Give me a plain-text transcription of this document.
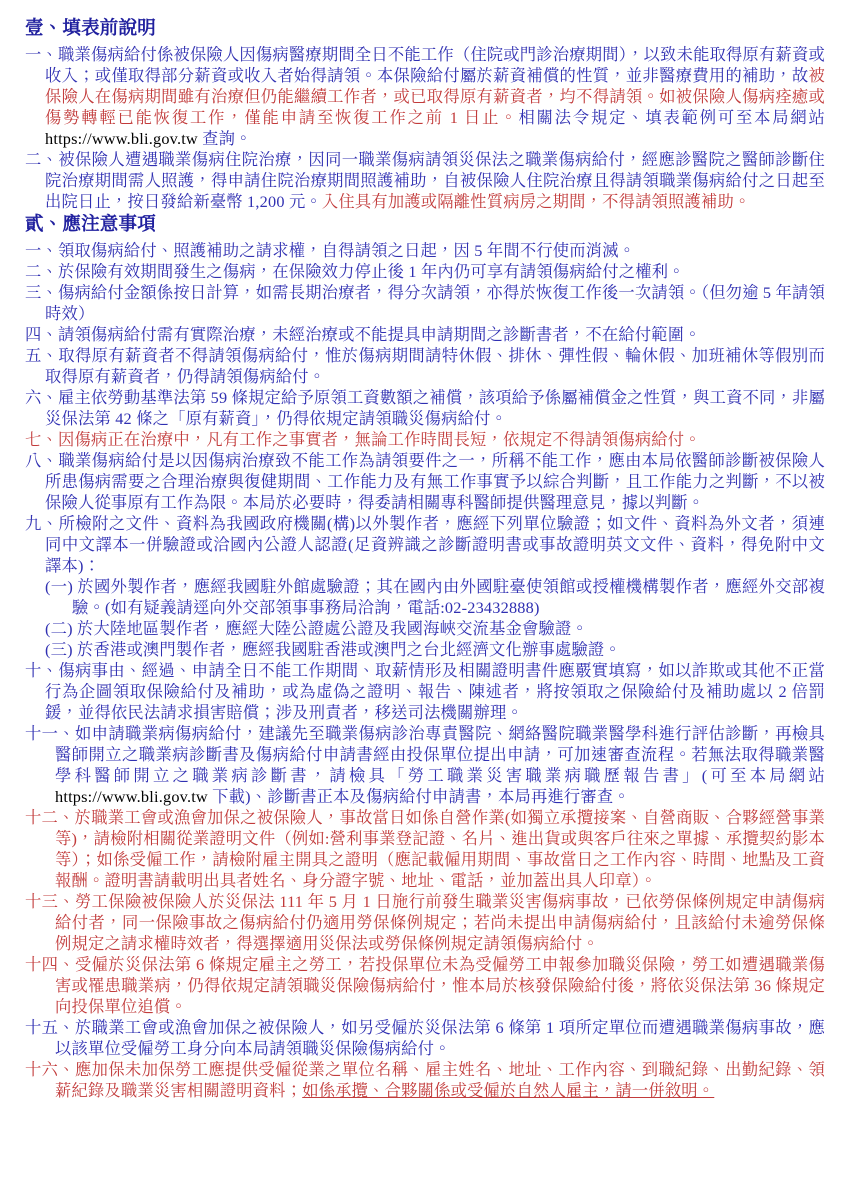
壹、填表前說明
一、職業傷病給付係被保險人因傷病醫療期間全日不能工作（住院或門診治療期間），以致未能取得原有薪資或收入；或僅取得部分薪資或收入者始得請領。本保險給付屬於薪資補償的性質，並非醫療費用的補助，故被保險人在傷病期間雖有治療但仍能繼續工作者，或已取得原有薪資者，均不得請領。如被保險人傷病痊癒或傷勢轉輕已能恢復工作，僅能申請至恢復工作之前 1 日止。相關法令規定、填表範例可至本局網站 https://www.bli.gov.tw 查詢。
二、被保險人遭遇職業傷病住院治療，因同一職業傷病請領災保法之職業傷病給付，經應診醫院之醫師診斷住院治療期間需人照護，得申請住院治療期間照護補助，自被保險人住院治療且得請領職業傷病給付之日起至出院日止，按日發給新臺幣 1,200 元。入住具有加護或隔離性質病房之期間，不得請領照護補助。
貳、應注意事項
一、領取傷病給付、照護補助之請求權，自得請領之日起，因 5 年間不行使而消滅。
二、於保險有效期間發生之傷病，在保險效力停止後 1 年內仍可享有請領傷病給付之權利。
三、傷病給付金額係按日計算，如需長期治療者，得分次請領，亦得於恢復工作後一次請領。（但勿逾 5 年請領時效）
四、請領傷病給付需有實際治療，未經治療或不能提具申請期間之診斷書者，不在給付範圍。
五、取得原有薪資者不得請領傷病給付，惟於傷病期間請特休假、排休、彈性假、輪休假、加班補休等假別而取得原有薪資者，仍得請領傷病給付。
六、雇主依勞動基準法第 59 條規定給予原領工資數額之補償，該項給予係屬補償金之性質，與工資不同，非屬災保法第 42 條之「原有薪資」，仍得依規定請領職災傷病給付。
七、因傷病正在治療中，凡有工作之事實者，無論工作時間長短，依規定不得請領傷病給付。
八、職業傷病給付是以因傷病治療致不能工作為請領要件之一，所稱不能工作，應由本局依醫師診斷被保險人所患傷病需要之合理治療與復健期間、工作能力及有無工作事實予以綜合判斷，且工作能力之判斷，不以被保險人從事原有工作為限。本局於必要時，得委請相關專科醫師提供醫理意見，據以判斷。
九、所檢附之文件、資料為我國政府機關(構)以外製作者，應經下列單位驗證；如文件、資料為外文者，須連同中文譯本一併驗證或洽國內公證人認證(足資辨識之診斷證明書或事故證明英文文件、資料，得免附中文譯本)：
(一) 於國外製作者，應經我國駐外館處驗證；其在國內由外國駐臺使領館或授權機構製作者，應經外交部複驗。(如有疑義請逕向外交部領事事務局洽詢，電話:02-23432888)
(二) 於大陸地區製作者，應經大陸公證處公證及我國海峽交流基金會驗證。
(三) 於香港或澳門製作者，應經我國駐香港或澳門之台北經濟文化辦事處驗證。
十、傷病事由、經過、申請全日不能工作期間、取薪情形及相關證明書件應覈實填寫，如以詐欺或其他不正當行為企圖領取保險給付及補助，或為虛偽之證明、報告、陳述者，將按領取之保險給付及補助處以 2 倍罰鍰，並得依民法請求損害賠償；涉及刑責者，移送司法機關辦理。
十一、如申請職業病傷病給付，建議先至職業傷病診治專責醫院、網絡醫院職業醫學科進行評估診斷，再檢具醫師開立之職業病診斷書及傷病給付申請書經由投保單位提出申請，可加速審查流程。若無法取得職業醫學科醫師開立之職業病診斷書，請檢具「勞工職業災害職業病職歷報告書」(可至本局網站 https://www.bli.gov.tw 下載)、診斷書正本及傷病給付申請書，本局再進行審查。
十二、於職業工會或漁會加保之被保險人，事故當日如係自營作業(如獨立承攬接案、自營商販、合夥經營事業等)，請檢附相關從業證明文件（例如:營利事業登記證、名片、進出貨或與客戶往來之單據、承攬契約影本等）；如係受僱工作，請檢附雇主開具之證明（應記載僱用期間、事故當日之工作內容、時間、地點及工資報酬。證明書請載明出具者姓名、身分證字號、地址、電話，並加蓋出具人印章）。
十三、勞工保險被保險人於災保法 111 年 5 月 1 日施行前發生職業災害傷病事故，已依勞保條例規定申請傷病給付者，同一保險事故之傷病給付仍適用勞保條例規定；若尚未提出申請傷病給付，且該給付未逾勞保條例規定之請求權時效者，得選擇適用災保法或勞保條例規定請領傷病給付。
十四、受僱於災保法第 6 條規定雇主之勞工，若投保單位未為受僱勞工申報參加職災保險，勞工如遭遇職業傷害或罹患職業病，仍得依規定請領職災保險傷病給付，惟本局於核發保險給付後，將依災保法第 36 條規定向投保單位追償。
十五、於職業工會或漁會加保之被保險人，如另受僱於災保法第 6 條第 1 項所定單位而遭遇職業傷病事故，應以該單位受僱勞工身分向本局請領職災保險傷病給付。
十六、應加保未加保勞工應提供受僱從業之單位名稱、雇主姓名、地址、工作內容、到職紀錄、出勤紀錄、領薪紀錄及職業災害相關證明資料；如係承攬、合夥關係或受僱於自然人雇主，請一併敘明。
